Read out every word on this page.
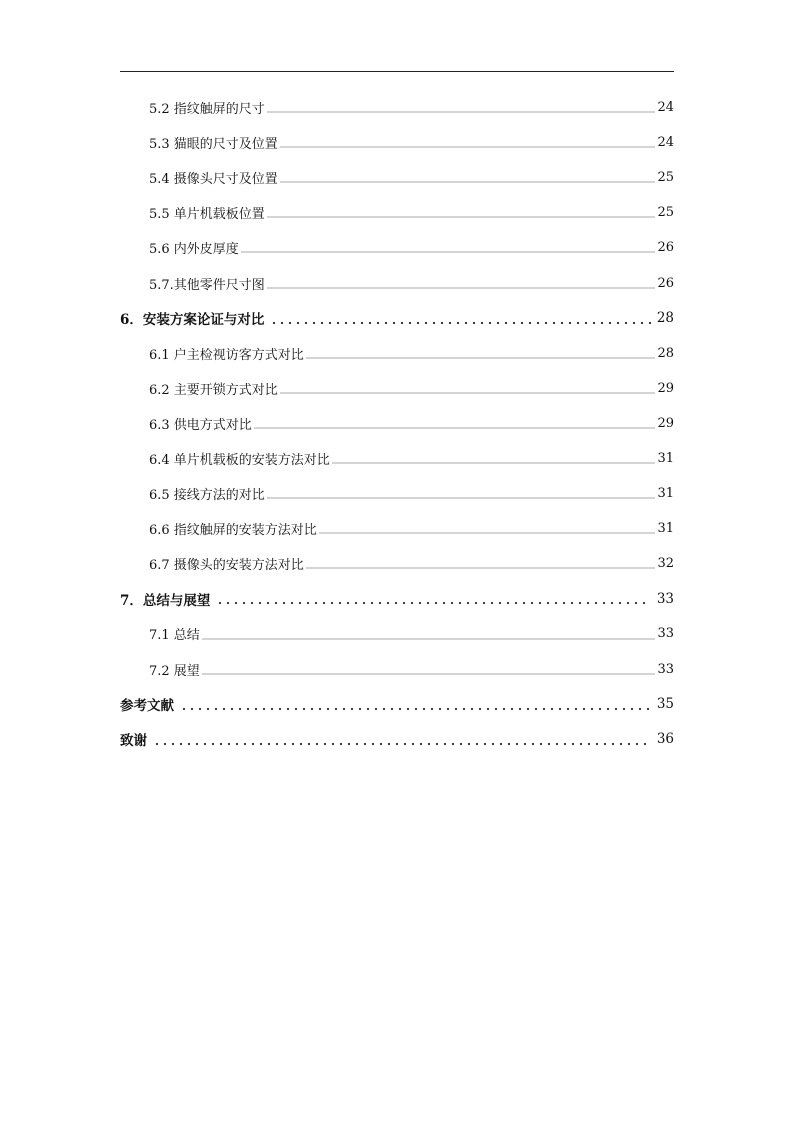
5.2 指纹触屏的尺寸	24
5.3 猫眼的尺寸及位置	24
5.4 摄像头尺寸及位置	25
5.5 单片机载板位置	25
5.6 内外皮厚度	26
5.7.其他零件尺寸图	26
6．安装方案论证与对比	28
6.1 户主检视访客方式对比	28
6.2 主要开锁方式对比	29
6.3 供电方式对比	29
6.4 单片机载板的安装方法对比	31
6.5 接线方法的对比	31
6.6 指纹触屏的安装方法对比	31
6.7 摄像头的安装方法对比	32
7．总结与展望	33
7.1 总结	33
7.2 展望	33
参考文献	35
致谢	36
